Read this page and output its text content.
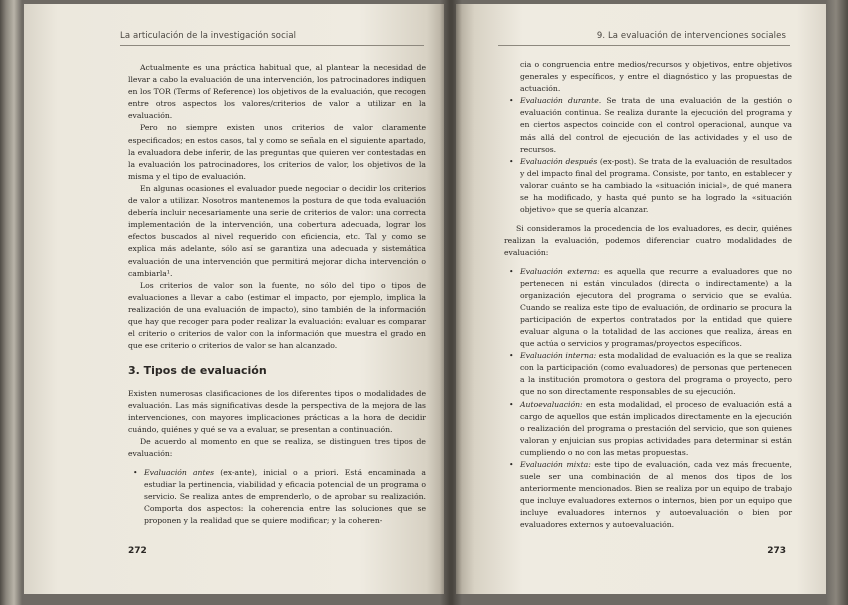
La articulación de la investigación social

Actualmente es una práctica habitual que, al plantear la necesidad de llevar a cabo la evaluación de una intervención, los patrocinadores indiquen en los TOR (Terms of Reference) los objetivos de la evaluación, que recogen entre otros aspectos los valores/criterios de valor a utilizar en la evaluación.

Pero no siempre existen unos criterios de valor claramente especificados; en estos casos, tal y como se señala en el siguiente apartado, la evaluadora debe inferir, de las preguntas que quieren ver contestadas en la evaluación los patrocinadores, los criterios de valor, los objetivos de la misma y el tipo de evaluación.

En algunas ocasiones el evaluador puede negociar o decidir los criterios de valor a utilizar. Nosotros mantenemos la postura de que toda evaluación debería incluir necesariamente una serie de criterios de valor: una correcta implementación de la intervención, una cobertura adecuada, lograr los efectos buscados al nivel requerido con eficiencia, etc. Tal y como se explica más adelante, sólo así se garantiza una adecuada y sistemática evaluación de una intervención que permitirá mejorar dicha intervención o cambiarla¹.

Los criterios de valor son la fuente, no sólo del tipo o tipos de evaluaciones a llevar a cabo (estimar el impacto, por ejemplo, implica la realización de una evaluación de impacto), sino también de la información que hay que recoger para poder realizar la evaluación: evaluar es comparar el criterio o criterios de valor con la información que muestra el grado en que ese criterio o criterios de valor se han alcanzado.

3. Tipos de evaluación

Existen numerosas clasificaciones de los diferentes tipos o modalidades de evaluación. Las más significativas desde la perspectiva de la mejora de las intervenciones, con mayores implicaciones prácticas a la hora de decidir cuándo, quiénes y qué se va a evaluar, se presentan a continuación.

De acuerdo al momento en que se realiza, se distinguen tres tipos de evaluación:

• Evaluación antes (ex-ante), inicial o a priori. Está encaminada a estudiar la pertinencia, viabilidad y eficacia potencial de un programa o servicio. Se realiza antes de emprenderlo, o de aprobar su realización. Comporta dos aspectos: la coherencia entre las soluciones que se proponen y la realidad que se quiere modificar; y la coheren-
272
9. La evaluación de intervenciones sociales

cia o congruencia entre medios/recursos y objetivos, entre objetivos generales y específicos, y entre el diagnóstico y las propuestas de actuación.

• Evaluación durante. Se trata de una evaluación de la gestión o evaluación continua. Se realiza durante la ejecución del programa y en ciertos aspectos coincide con el control operacional, aunque va más allá del control de ejecución de las actividades y el uso de recursos.
• Evaluación después (ex-post). Se trata de la evaluación de resultados y del impacto final del programa. Consiste, por tanto, en establecer y valorar cuánto se ha cambiado la «situación inicial», de qué manera se ha modificado, y hasta qué punto se ha logrado la «situación objetivo» que se quería alcanzar.

Si consideramos la procedencia de los evaluadores, es decir, quiénes realizan la evaluación, podemos diferenciar cuatro modalidades de evaluación:

• Evaluación externa: es aquella que recurre a evaluadores que no pertenecen ni están vinculados (directa o indirectamente) a la organización ejecutora del programa o servicio que se evalúa. Cuando se realiza este tipo de evaluación, de ordinario se procura la participación de expertos contratados por la entidad que quiere evaluar alguna o la totalidad de las acciones que realiza, áreas en que actúa o servicios y programas/proyectos específicos.
• Evaluación interna: esta modalidad de evaluación es la que se realiza con la participación (como evaluadores) de personas que pertenecen a la institución promotora o gestora del programa o proyecto, pero que no son directamente responsables de su ejecución.
• Autoevaluación: en esta modalidad, el proceso de evaluación está a cargo de aquellos que están implicados directamente en la ejecución o realización del programa o prestación del servicio, que son quienes valoran y enjuician sus propias actividades para determinar si están cumpliendo o no con las metas propuestas.
• Evaluación mixta: este tipo de evaluación, cada vez más frecuente, suele ser una combinación de al menos dos tipos de los anteriormente mencionados. Bien se realiza por un equipo de trabajo que incluye evaluadores externos o internos, bien por un equipo que incluye evaluadores internos y autoevaluación o bien por evaluadores externos y autoevaluación.
273
